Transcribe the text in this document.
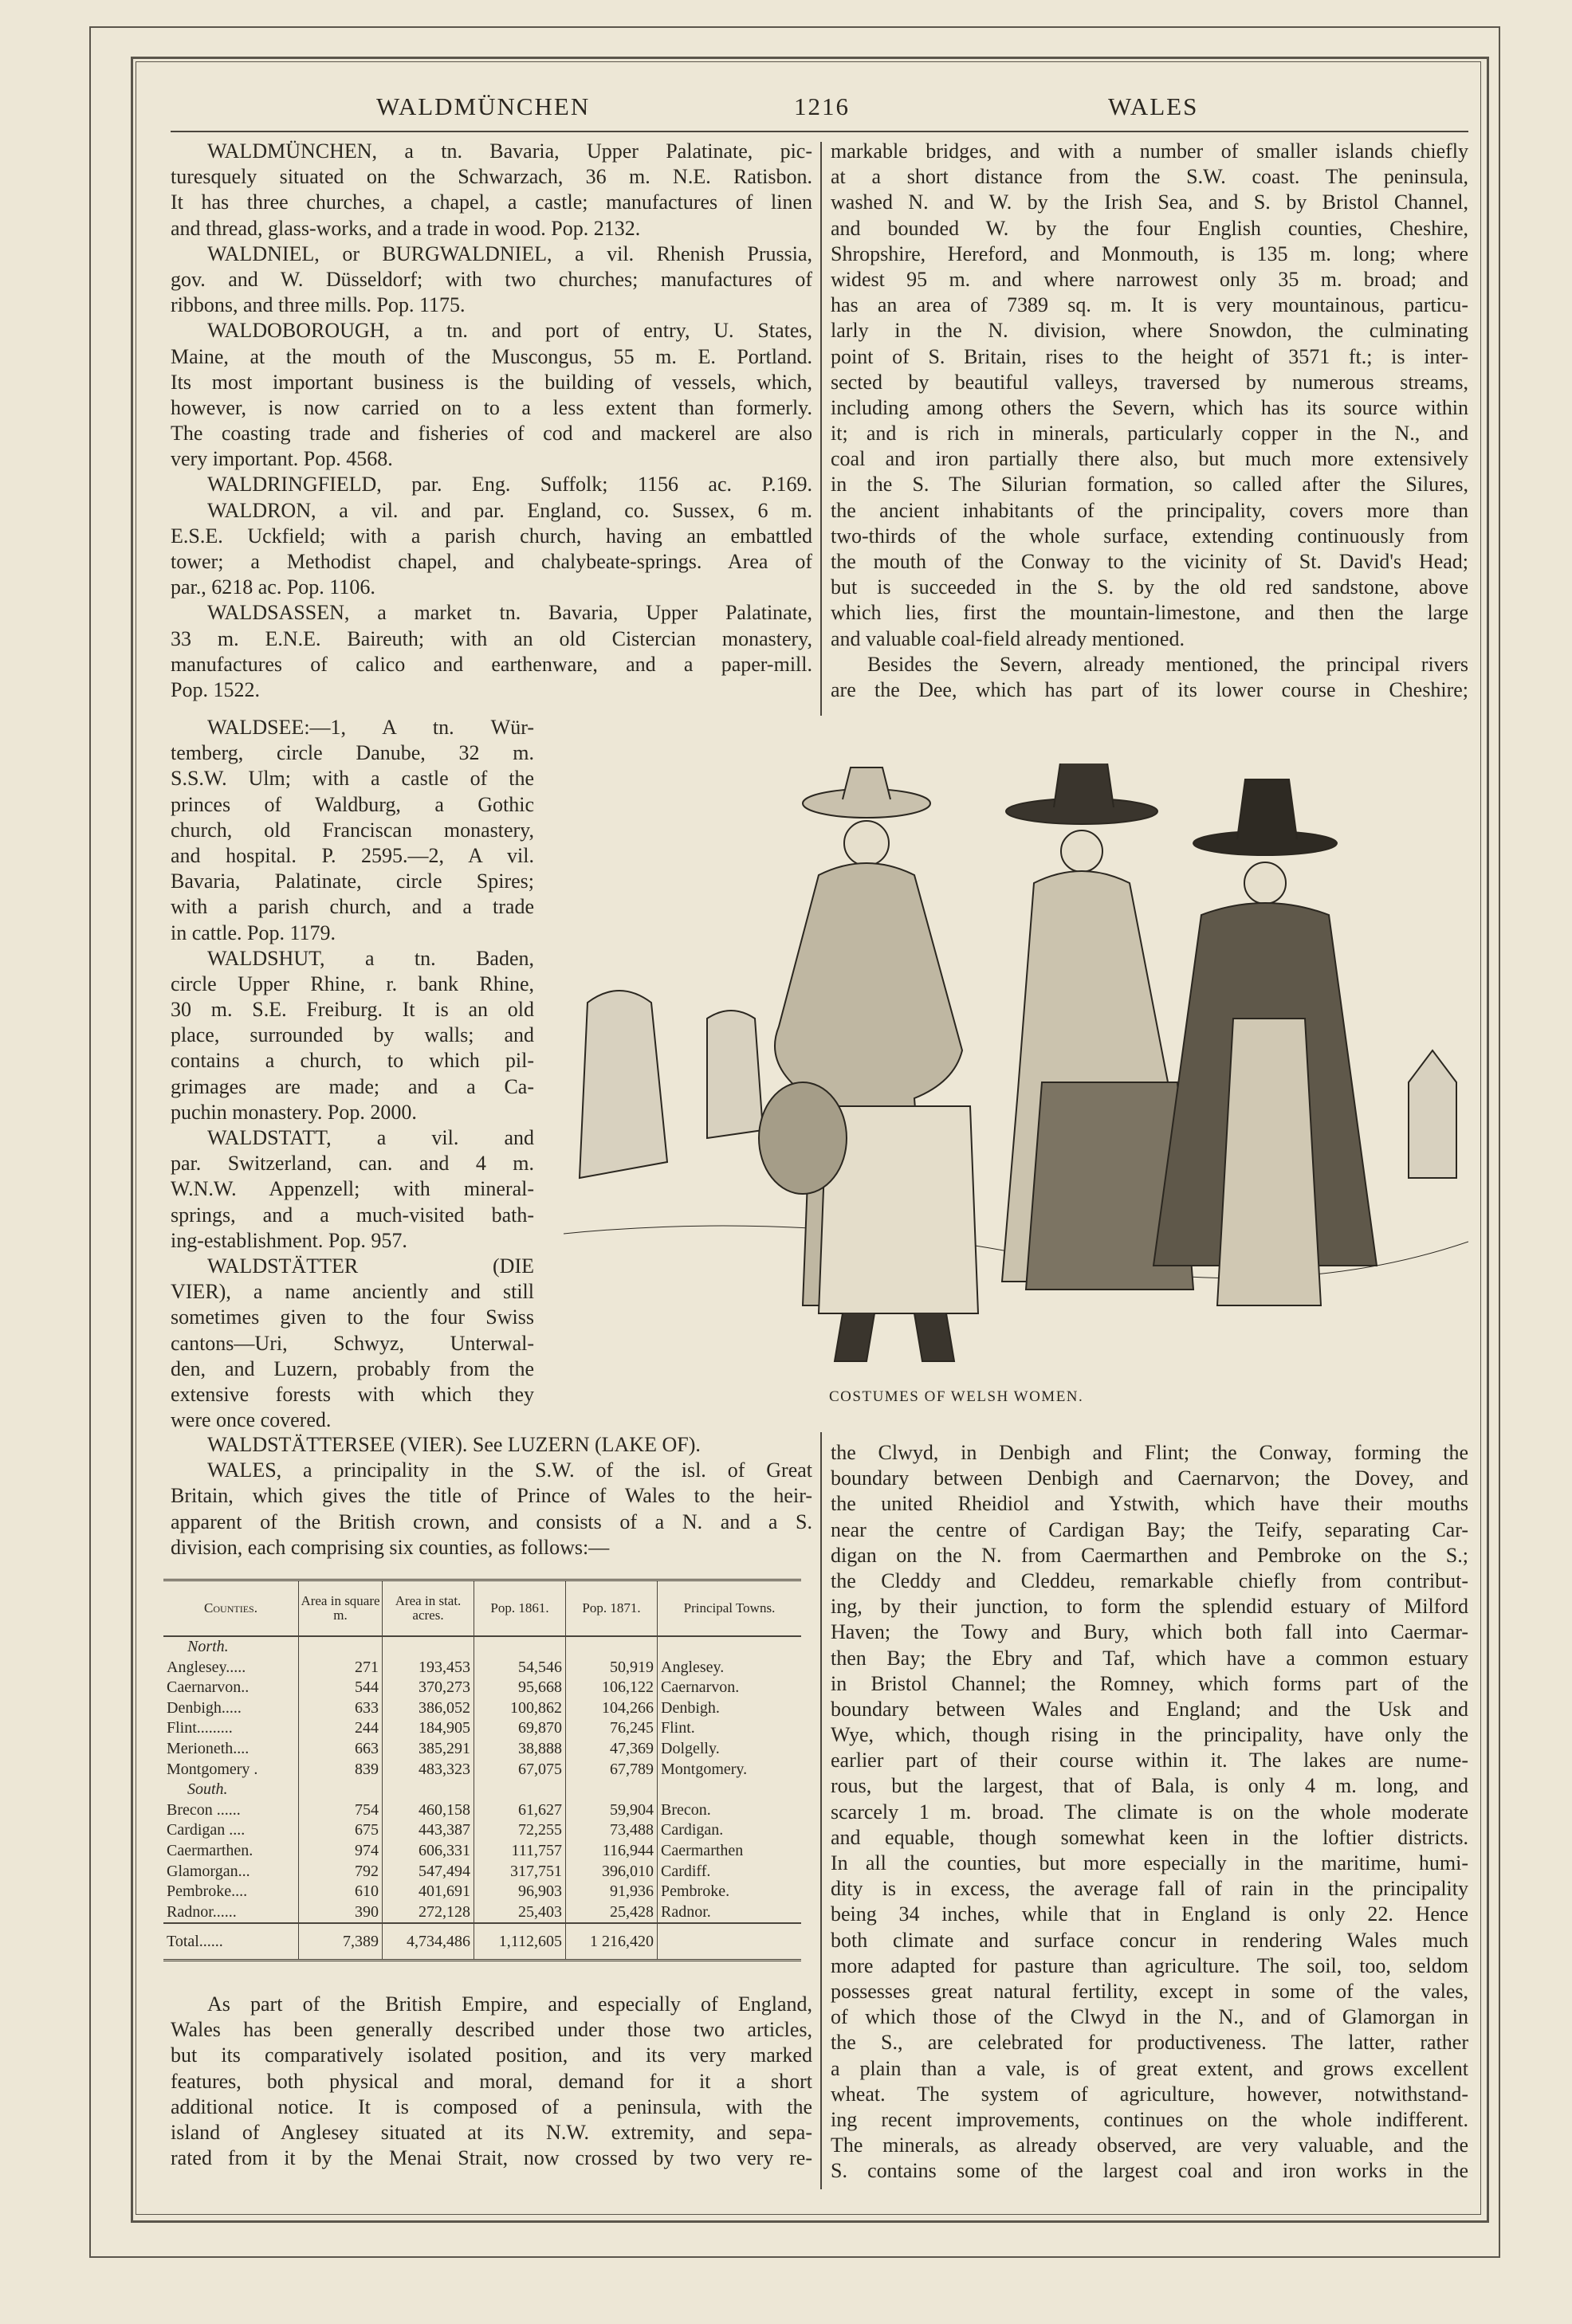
WALDMÜNCHEN	1216	WALES
WALDMÜNCHEN, a tn. Bavaria, Upper Palatinate, pic-
turesquely situated on the Schwarzach, 36 m. N.E. Ratisbon.
It has three churches, a chapel, a castle; manufactures of linen
and thread, glass-works, and a trade in wood. Pop. 2132.
WALDNIEL, or BURGWALDNIEL, a vil. Rhenish Prussia,
gov. and W. Düsseldorf; with two churches; manufactures of
ribbons, and three mills. Pop. 1175.
WALDOBOROUGH, a tn. and port of entry, U. States,
Maine, at the mouth of the Muscongus, 55 m. E. Portland.
Its most important business is the building of vessels, which,
however, is now carried on to a less extent than formerly.
The coasting trade and fisheries of cod and mackerel are also
very important. Pop. 4568.
WALDRINGFIELD, par. Eng. Suffolk; 1156 ac. P.169.
WALDRON, a vil. and par. England, co. Sussex, 6 m.
E.S.E. Uckfield; with a parish church, having an embattled
tower; a Methodist chapel, and chalybeate-springs. Area of
par., 6218 ac. Pop. 1106.
WALDSASSEN, a market tn. Bavaria, Upper Palatinate,
33 m. E.N.E. Baireuth; with an old Cistercian monastery,
manufactures of calico and earthenware, and a paper-mill.
Pop. 1522.
WALDSEE:—1, A tn. Wür-
temberg, circle Danube, 32 m.
S.S.W. Ulm; with a castle of the
princes of Waldburg, a Gothic
church, old Franciscan monastery,
and hospital. P. 2595.—2, A vil.
Bavaria, Palatinate, circle Spires;
with a parish church, and a trade
in cattle. Pop. 1179.
WALDSHUT, a tn. Baden,
circle Upper Rhine, r. bank Rhine,
30 m. S.E. Freiburg. It is an old
place, surrounded by walls; and
contains a church, to which pil-
grimages are made; and a Ca-
puchin monastery. Pop. 2000.
WALDSTATT, a vil. and
par. Switzerland, can. and 4 m.
W.N.W. Appenzell; with mineral-
springs, and a much-visited bath-
ing-establishment. Pop. 957.
WALDSTÄTTER (DIE
VIER), a name anciently and still
sometimes given to the four Swiss
cantons—Uri, Schwyz, Unterwal-
den, and Luzern, probably from the
extensive forests with which they
were once covered.
WALDSTÄTTERSEE (VIER). See LUZERN (LAKE OF).
WALES, a principality in the S.W. of the isl. of Great
Britain, which gives the title of Prince of Wales to the heir-
apparent of the British crown, and consists of a N. and a S.
division, each comprising six counties, as follows:—
Counties.	Area in square m.	Area in stat. acres.	Pop. 1861.	Pop. 1871.	Principal Towns.
North.					
Anglesey.....	271	193,453	54,546	50,919	Anglesey.
Caernarvon..	544	370,273	95,668	106,122	Caernarvon.
Denbigh.....	633	386,052	100,862	104,266	Denbigh.
Flint.........	244	184,905	69,870	76,245	Flint.
Merioneth....	663	385,291	38,888	47,369	Dolgelly.
Montgomery .	839	483,323	67,075	67,789	Montgomery.
South.					
Brecon ......	754	460,158	61,627	59,904	Brecon.
Cardigan ....	675	443,387	72,255	73,488	Cardigan.
Caermarthen.	974	606,331	111,757	116,944	Caermarthen
Glamorgan...	792	547,494	317,751	396,010	Cardiff.
Pembroke....	610	401,691	96,903	91,936	Pembroke.
Radnor......	390	272,128	25,403	25,428	Radnor.
Total......	7,389	4,734,486	1,112,605	1 216,420	
As part of the British Empire, and especially of England,
Wales has been generally described under those two articles,
but its comparatively isolated position, and its very marked
features, both physical and moral, demand for it a short
additional notice. It is composed of a peninsula, with the
island of Anglesey situated at its N.W. extremity, and sepa-
rated from it by the Menai Strait, now crossed by two very re-
markable bridges, and with a number of smaller islands chiefly
at a short distance from the S.W. coast. The peninsula,
washed N. and W. by the Irish Sea, and S. by Bristol Channel,
and bounded W. by the four English counties, Cheshire,
Shropshire, Hereford, and Monmouth, is 135 m. long; where
widest 95 m. and where narrowest only 35 m. broad; and
has an area of 7389 sq. m. It is very mountainous, particu-
larly in the N. division, where Snowdon, the culminating
point of S. Britain, rises to the height of 3571 ft.; is inter-
sected by beautiful valleys, traversed by numerous streams,
including among others the Severn, which has its source within
it; and is rich in minerals, particularly copper in the N., and
coal and iron partially there also, but much more extensively
in the S. The Silurian formation, so called after the Silures,
the ancient inhabitants of the principality, covers more than
two-thirds of the whole surface, extending continuously from
the mouth of the Conway to the vicinity of St. David's Head;
but is succeeded in the S. by the old red sandstone, above
which lies, first the mountain-limestone, and then the large
and valuable coal-field already mentioned.
Besides the Severn, already mentioned, the principal rivers
are the Dee, which has part of its lower course in Cheshire;
COSTUMES OF WELSH WOMEN.
the Clwyd, in Denbigh and Flint; the Conway, forming the
boundary between Denbigh and Caernarvon; the Dovey, and
the united Rheidiol and Ystwith, which have their mouths
near the centre of Cardigan Bay; the Teify, separating Car-
digan on the N. from Caermarthen and Pembroke on the S.;
the Cleddy and Cleddeu, remarkable chiefly from contribut-
ing, by their junction, to form the splendid estuary of Milford
Haven; the Towy and Bury, which both fall into Caermar-
then Bay; the Ebry and Taf, which have a common estuary
in Bristol Channel; the Romney, which forms part of the
boundary between Wales and England; and the Usk and
Wye, which, though rising in the principality, have only the
earlier part of their course within it. The lakes are nume-
rous, but the largest, that of Bala, is only 4 m. long, and
scarcely 1 m. broad. The climate is on the whole moderate
and equable, though somewhat keen in the loftier districts.
In all the counties, but more especially in the maritime, humi-
dity is in excess, the average fall of rain in the principality
being 34 inches, while that in England is only 22. Hence
both climate and surface concur in rendering Wales much
more adapted for pasture than agriculture. The soil, too, seldom
possesses great natural fertility, except in some of the vales,
of which those of the Clwyd in the N., and of Glamorgan in
the S., are celebrated for productiveness. The latter, rather
a plain than a vale, is of great extent, and grows excellent
wheat. The system of agriculture, however, notwithstand-
ing recent improvements, continues on the whole indifferent.
The minerals, as already observed, are very valuable, and the
S. contains some of the largest coal and iron works in the
